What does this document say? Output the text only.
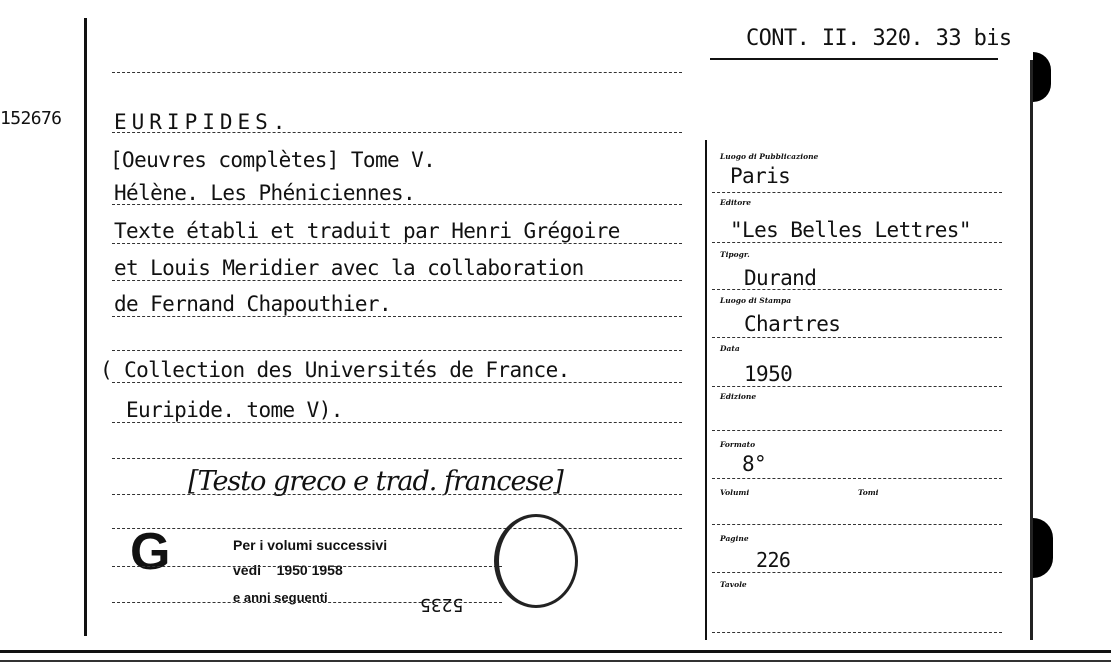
152676
CONT. II. 320. 33 bis
EURIPIDES.
[Oeuvres complètes] Tome V.
Hélène. Les Phéniciennes.
Texte établi et traduit par Henri Grégoire
et Louis Meridier avec la collaboration
de Fernand Chapouthier.
( Collection des Universités de France.
Euripide. tome V).
[Testo greco e trad. francese]
G	Per i volumi successivi
vedi    1950 1958
e anni seguenti	5235
Luogo di Pubblicazione
Paris
Editore
"Les Belles Lettres"
Tipogr.
Durand
Luogo di Stampa
Chartres
Data
1950
Edizione
Formato
8°
Volumi	Tomi
Pagine
226
Tavole
